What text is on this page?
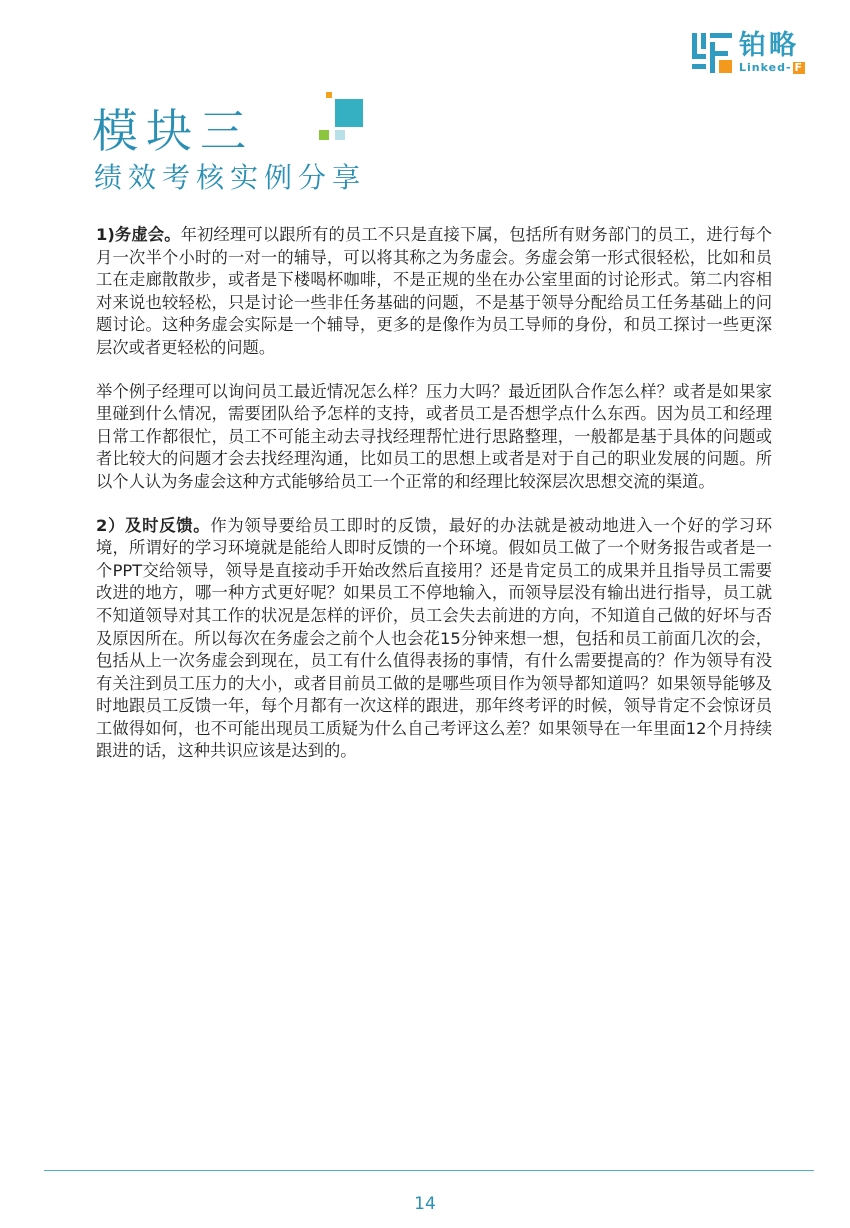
铂略
Linked- F
模块三
绩效考核实例分享

1)务虚会。年初经理可以跟所有的员工不只是直接下属，包括所有财务部门的员工，进行每个月一次半个小时的一对一的辅导，可以将其称之为务虚会。务虚会第一形式很轻松，比如和员工在走廊散散步，或者是下楼喝杯咖啡，不是正规的坐在办公室里面的讨论形式。第二内容相对来说也较轻松，只是讨论一些非任务基础的问题，不是基于领导分配给员工任务基础上的问题讨论。这种务虚会实际是一个辅导，更多的是像作为员工导师的身份，和员工探讨一些更深层次或者更轻松的问题。

举个例子经理可以询问员工最近情况怎么样？压力大吗？最近团队合作怎么样？或者是如果家里碰到什么情况，需要团队给予怎样的支持，或者员工是否想学点什么东西。因为员工和经理日常工作都很忙，员工不可能主动去寻找经理帮忙进行思路整理，一般都是基于具体的问题或者比较大的问题才会去找经理沟通，比如员工的思想上或者是对于自己的职业发展的问题。所以个人认为务虚会这种方式能够给员工一个正常的和经理比较深层次思想交流的渠道。

2）及时反馈。作为领导要给员工即时的反馈，最好的办法就是被动地进入一个好的学习环境，所谓好的学习环境就是能给人即时反馈的一个环境。假如员工做了一个财务报告或者是一个PPT交给领导，领导是直接动手开始改然后直接用？还是肯定员工的成果并且指导员工需要改进的地方，哪一种方式更好呢？如果员工不停地输入，而领导层没有输出进行指导，员工就不知道领导对其工作的状况是怎样的评价，员工会失去前进的方向，不知道自己做的好坏与否及原因所在。所以每次在务虚会之前个人也会花15分钟来想一想，包括和员工前面几次的会，包括从上一次务虚会到现在，员工有什么值得表扬的事情，有什么需要提高的？作为领导有没有关注到员工压力的大小，或者目前员工做的是哪些项目作为领导都知道吗？如果领导能够及时地跟员工反馈一年，每个月都有一次这样的跟进，那年终考评的时候，领导肯定不会惊讶员工做得如何，也不可能出现员工质疑为什么自己考评这么差？如果领导在一年里面12个月持续跟进的话，这种共识应该是达到的。

14
